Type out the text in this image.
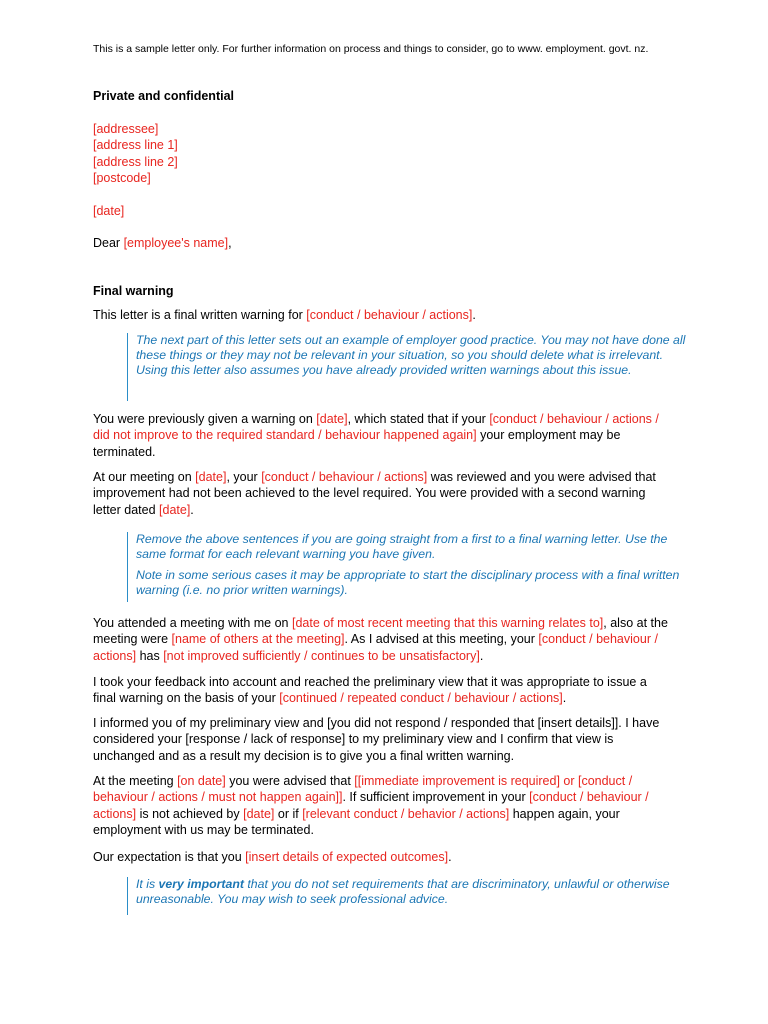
This is a sample letter only. For further information on process and things to consider, go to www. employment. govt. nz.
Private and confidential

[addressee]

[address line 1]

[address line 2]

[postcode]

[date]
Dear [employee's name],
Final warning
This letter is a final written warning for [conduct / behaviour / actions].

The next part of this letter sets out an example of employer good practice. You may not have done all these things or they may not be relevant in your situation, so you should delete what is irrelevant. Using this letter also assumes you have already provided written warnings about this issue.

You were previously given a warning on [date], which stated that if your [conduct / behaviour / actions / did not improve to the required standard / behaviour happened again] your employment may be terminated.
At our meeting on [date], your [conduct / behaviour / actions] was reviewed and you were advised that improvement had not been achieved to the level required. You were provided with a second warning letter dated [date].

Remove the above sentences if you are going straight from a first to a final warning letter. Use the same format for each relevant warning you have given.

Note in some serious cases it may be appropriate to start the disciplinary process with a final written warning (i.e. no prior written warnings).

You attended a meeting with me on [date of most recent meeting that this warning relates to], also at the meeting were [name of others at the meeting]. As I advised at this meeting, your [conduct / behaviour / actions] has [not improved sufficiently / continues to be unsatisfactory].
I took your feedback into account and reached the preliminary view that it was appropriate to issue a final warning on the basis of your [continued / repeated conduct / behaviour / actions].
I informed you of my preliminary view and [you did not respond / responded that [insert details]]. I have considered your [response / lack of response] to my preliminary view and I confirm that view is unchanged and as a result my decision is to give you a final written warning.
At the meeting [on date] you were advised that [[immediate improvement is required] or [conduct / behaviour / actions / must not happen again]]. If sufficient improvement in your [conduct / behaviour / actions] is not achieved by [date] or if [relevant conduct / behavior / actions] happen again, your employment with us may be terminated.
Our expectation is that you [insert details of expected outcomes].

It is very important that you do not set requirements that are discriminatory, unlawful or otherwise unreasonable. You may wish to seek professional advice.
